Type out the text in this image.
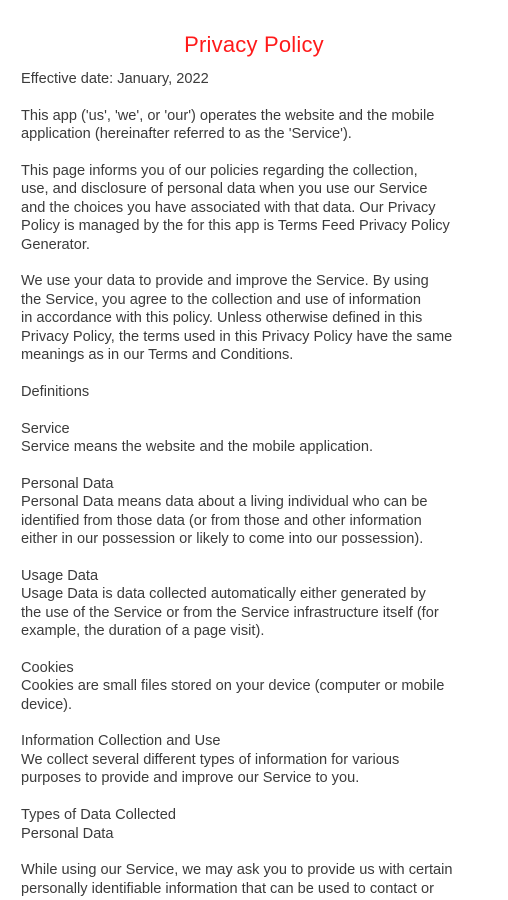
Privacy Policy

Effective date: January, 2022

This app ('us', 'we', or 'our') operates the website and the mobile
application (hereinafter referred to as the 'Service').

This page informs you of our policies regarding the collection,
use, and disclosure of personal data when you use our Service
and the choices you have associated with that data. Our Privacy
Policy is managed by the for this app is Terms Feed Privacy Policy
Generator.

We use your data to provide and improve the Service. By using
the Service, you agree to the collection and use of information
in accordance with this policy. Unless otherwise defined in this
Privacy Policy, the terms used in this Privacy Policy have the same
meanings as in our Terms and Conditions.

Definitions

Service
Service means the website and the mobile application.

Personal Data
Personal Data means data about a living individual who can be
identified from those data (or from those and other information
either in our possession or likely to come into our possession).

Usage Data
Usage Data is data collected automatically either generated by
the use of the Service or from the Service infrastructure itself (for
example, the duration of a page visit).

Cookies
Cookies are small files stored on your device (computer or mobile
device).

Information Collection and Use
We collect several different types of information for various
purposes to provide and improve our Service to you.

Types of Data Collected
Personal Data

While using our Service, we may ask you to provide us with certain
personally identifiable information that can be used to contact or
